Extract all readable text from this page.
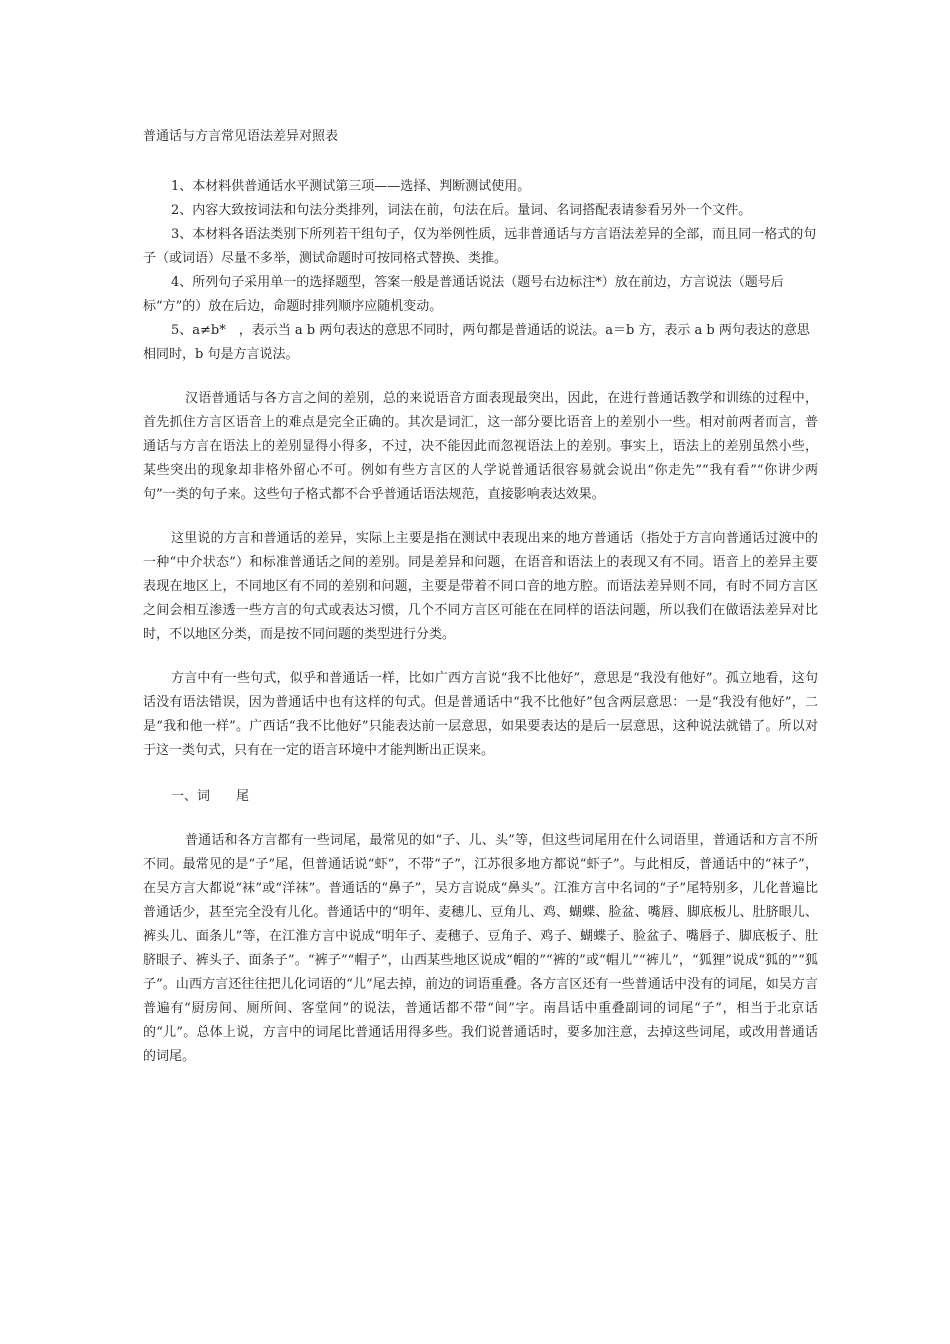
普通话与方言常见语法差异对照表

1、本材料供普通话水平测试第三项——选择、判断测试使用。

2、内容大致按词法和句法分类排列，词法在前，句法在后。量词、名词搭配表请参看另外一个文件。

3、本材料各语法类别下所列若干组句子，仅为举例性质，远非普通话与方言语法差异的全部，而且同一格式的句子（或词语）尽量不多举，测试命题时可按同格式替换、类推。

4、所列句子采用单一的选择题型，答案一般是普通话说法（题号右边标注*）放在前边，方言说法（题号后标“方”的）放在后边，命题时排列顺序应随机变动。

5、a≠b*　，表示当 a b 两句表达的意思不同时，两句都是普通话的说法。a＝b 方，表示 a b 两句表达的意思相同时，b 句是方言说法。

汉语普通话与各方言之间的差别，总的来说语音方面表现最突出，因此，在进行普通话教学和训练的过程中，首先抓住方言区语音上的难点是完全正确的。其次是词汇，这一部分要比语音上的差别小一些。相对前两者而言，普通话与方言在语法上的差别显得小得多，不过，决不能因此而忽视语法上的差别。事实上，语法上的差别虽然小些，某些突出的现象却非格外留心不可。例如有些方言区的人学说普通话很容易就会说出“你走先”“我有看”“你讲少两句”一类的句子来。这些句子格式都不合乎普通话语法规范，直接影响表达效果。

这里说的方言和普通话的差异，实际上主要是指在测试中表现出来的地方普通话（指处于方言向普通话过渡中的一种“中介状态”）和标准普通话之间的差别。同是差异和问题，在语音和语法上的表现又有不同。语音上的差异主要表现在地区上，不同地区有不同的差别和问题，主要是带着不同口音的地方腔。而语法差异则不同，有时不同方言区之间会相互渗透一些方言的句式或表达习惯，几个不同方言区可能在在同样的语法问题，所以我们在做语法差异对比时，不以地区分类，而是按不同问题的类型进行分类。

方言中有一些句式，似乎和普通话一样，比如广西方言说“我不比他好”，意思是“我没有他好”。孤立地看，这句话没有语法错误，因为普通话中也有这样的句式。但是普通话中“我不比他好”包含两层意思：一是“我没有他好”，二是“我和他一样”。广西话“我不比他好”只能表达前一层意思，如果要表达的是后一层意思，这种说法就错了。所以对于这一类句式，只有在一定的语言环境中才能判断出正误来。

一、词　　尾

普通话和各方言都有一些词尾，最常见的如“子、儿、头”等，但这些词尾用在什么词语里，普通话和方言不所不同。最常见的是“子”尾，但普通话说“虾”，不带“子”，江苏很多地方都说“虾子”。与此相反，普通话中的“袜子”，在吴方言大都说“袜”或“洋袜”。普通话的“鼻子”，吴方言说成“鼻头”。江淮方言中名词的“子”尾特别多，儿化普遍比普通话少，甚至完全没有儿化。普通话中的“明年、麦穗儿、豆角儿、鸡、蝴蝶、脸盆、嘴唇、脚底板儿、肚脐眼儿、裤头儿、面条儿”等，在江淮方言中说成“明年子、麦穗子、豆角子、鸡子、蝴蝶子、脸盆子、嘴唇子、脚底板子、肚脐眼子、裤头子、面条子”。“裤子”“帽子”，山西某些地区说成“帽的”“裤的”或“帽儿”“裤儿”，“狐狸”说成“狐的”“狐子”。山西方言还往往把儿化词语的“儿”尾去掉，前边的词语重叠。各方言区还有一些普通话中没有的词尾，如吴方言普遍有“厨房间、厕所间、客堂间”的说法，普通话都不带“间”字。南昌话中重叠副词的词尾“子”，相当于北京话的“儿”。总体上说，方言中的词尾比普通话用得多些。我们说普通话时，要多加注意，去掉这些词尾，或改用普通话的词尾。
